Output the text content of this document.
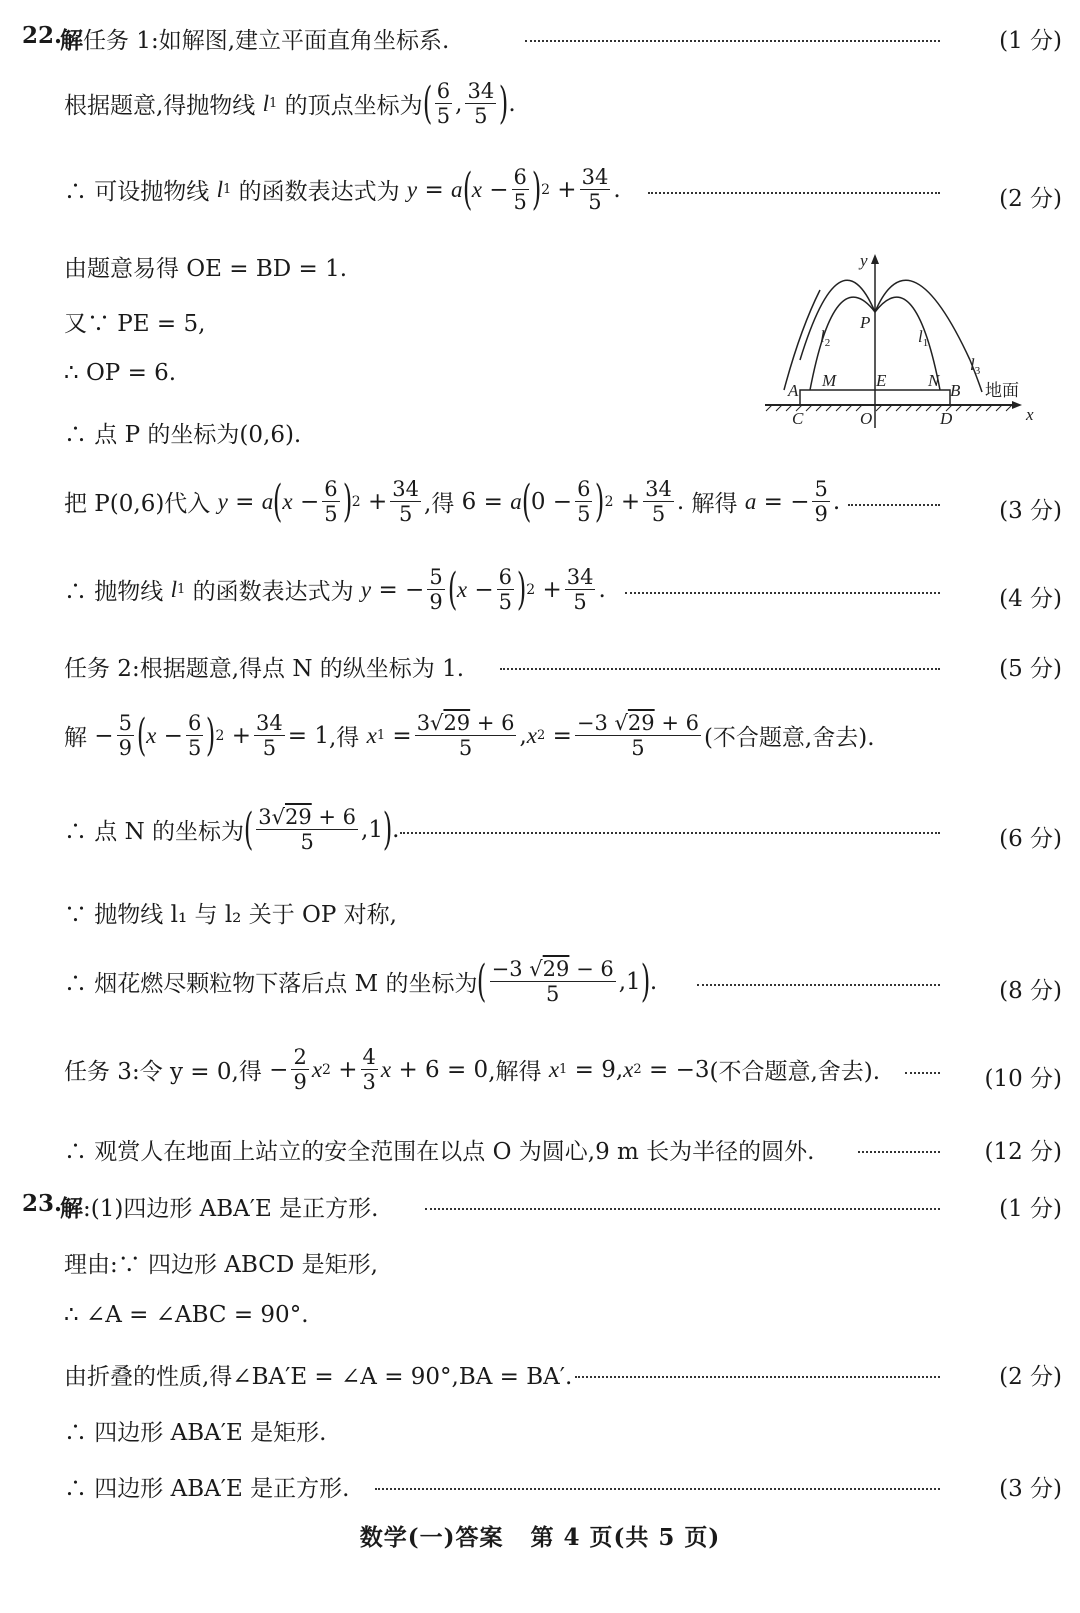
22.
解 任务 1:如解图,建立平面直角坐标系.	(1 分)
根据题意,得抛物线
l 1
的顶点坐标为 ( $\frac{6}{5}$ , $\frac{34}{5}$ ) .
∴ 可设抛物线
l 1
的函数表达式为
y = a ( $x - \frac{6}{5}$ ) $2 + \frac{34}{5}$ .	(2 分)
由题意易得 OE = BD = 1.
又∵ PE = 5,
∴ OP = 6.
∴ 点 P 的坐标为(0,6).
y
x
P
$l_2$	$l_1$
$l_3$
A
M E N
B
C	O	D
地面
把 P(0,6)代入
y = a ( $x - \frac{6}{5}$ ) $2 + \frac{34}{5}$ ,得 6 = a ( $0 - \frac{6}{5}$ ) $2 + \frac{34}{5}$ . 解得
a = − $\frac{5}{9}$ .	(3 分)
∴ 抛物线
l 1
的函数表达式为
y = − $\frac{5}{9}$ ( $x - \frac{6}{5}$ ) $2 + \frac{34}{5}$ .	(4 分)
任务 2:根据题意,得点 N 的纵坐标为 1.	(5 分)
解 − $\frac{5}{9}$ ( $x - \frac{6}{5}$ ) $2 + \frac{34}{5} = 1$ ,得
x $1 = \frac{3√29 + 6}{5}$ , x $2 = \frac{-3 √29 + 6}{5}$ (不合题意,舍去).
∴ 点 N 的坐标为 ( $\frac{3√29 + 6}{5} ,1$ ) .	(6 分)
∵ 抛物线 l₁ 与 l₂ 关于 OP 对称,
∴ 烟花燃尽颗粒物下落后点 M 的坐标为 ( $\frac{-3 √29 - 6}{5} ,1$ ) .	(8 分)
任务 3:令 y = 0,得 − $\frac{2}{9}$ x $2 + \frac{4}{3}$ x + 6 = 0 ,解得
x 1 = 9, x 2 = −3 (不合题意,舍去).	(10 分)
∴ 观赏人在地面上站立的安全范围在以点 O 为圆心,9 m 长为半径的圆外.	(12 分)
23.
解 :(1)四边形 ABA′E 是正方形.	(1 分)
理由:∵ 四边形 ABCD 是矩形,
∴ ∠A = ∠ABC = 90°.
由折叠的性质,得∠BA′E = ∠A = 90°,BA = BA′.	(2 分)
∴ 四边形 ABA′E 是矩形.
∴ 四边形 ABA′E 是正方形.	(3 分)
数学(一)答案   第 4 页(共 5 页)
